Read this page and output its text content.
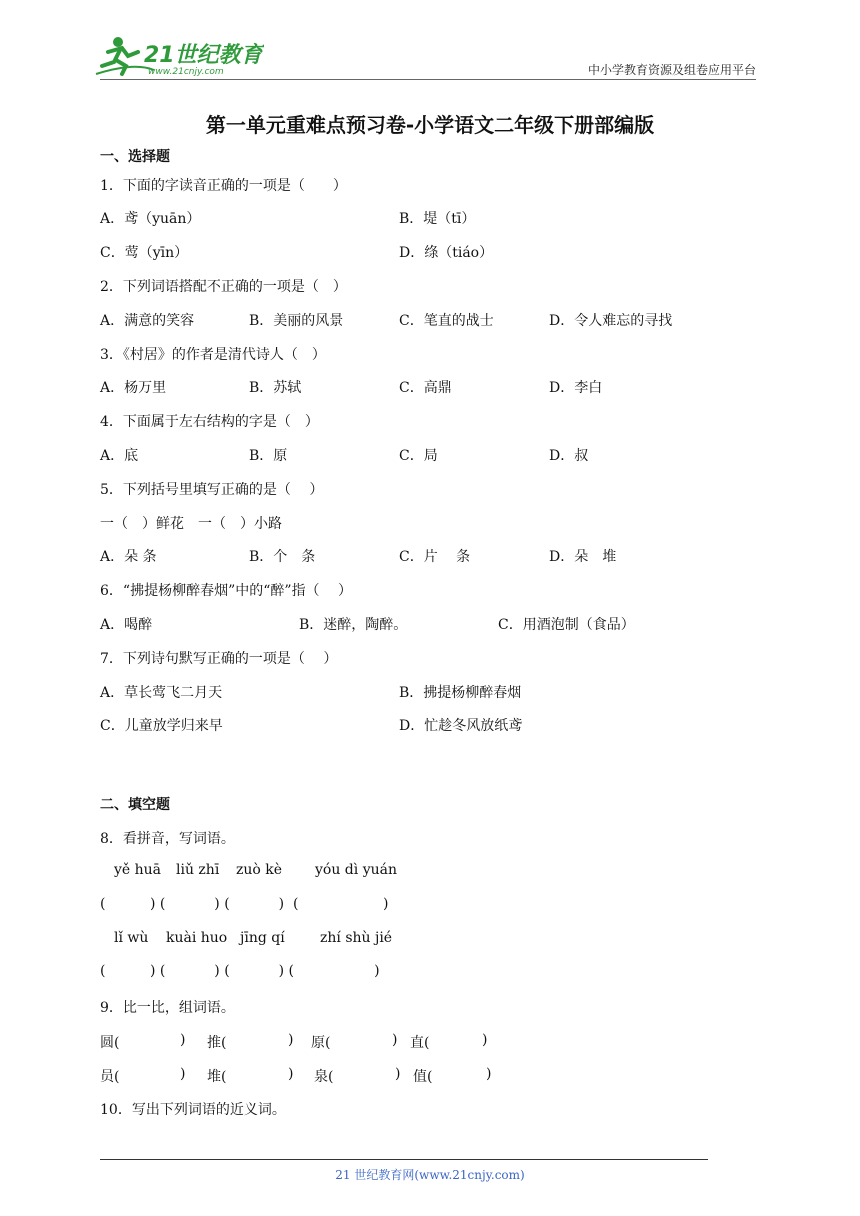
21世纪教育
www.21cnjy.com	中小学教育资源及组卷应用平台
第一单元重难点预习卷-小学语文二年级下册部编版
一、选择题
1．下面的字读音正确的一项是（　　）
A．鸢（yuān）	B．堤（tī）
C．莺（yīn）	D．绦（tiáo）
2．下列词语搭配不正确的一项是（　）
A．满意的笑容	B．美丽的风景	C．笔直的战士	D．令人难忘的寻找
3．《村居》的作者是清代诗人（　）
A．杨万里	B．苏轼	C．高鼎	D．李白
4．下面属于左右结构的字是（　）
A．底	B．原	C．局	D．叔
5．下列括号里填写正确的是（　 ）
一（　）鲜花　一（　）小路
A．朵 条	B．个　条	C．片　 条	D．朵　堆
6．“拂提杨柳醉春烟”中的“醉”指（　 ）
A．喝醉	B．迷醉，陶醉。	C．用酒泡制（食品）
7．下列诗句默写正确的一项是（　 ）
A．草长莺飞二月天	B．拂提杨柳醉春烟
C．儿童放学归来早	D．忙趁冬风放纸鸢
二、填空题
8．看拼音，写词语。
yě huā liǔ zhī zuò kè yóu dì yuán
(          ) (           ) (           )  (                   )
lǐ wù kuài huo jīng qí	zhí shù jié
(          ) (           ) (           ) (                  )
9．比一比，组词语。
圆(	) 推(	) 原(	) 直(	)
员(	) 堆(	) 泉(	) 值(	)
10．写出下列词语的近义词。
21 世纪教育网(www.21cnjy.com)
